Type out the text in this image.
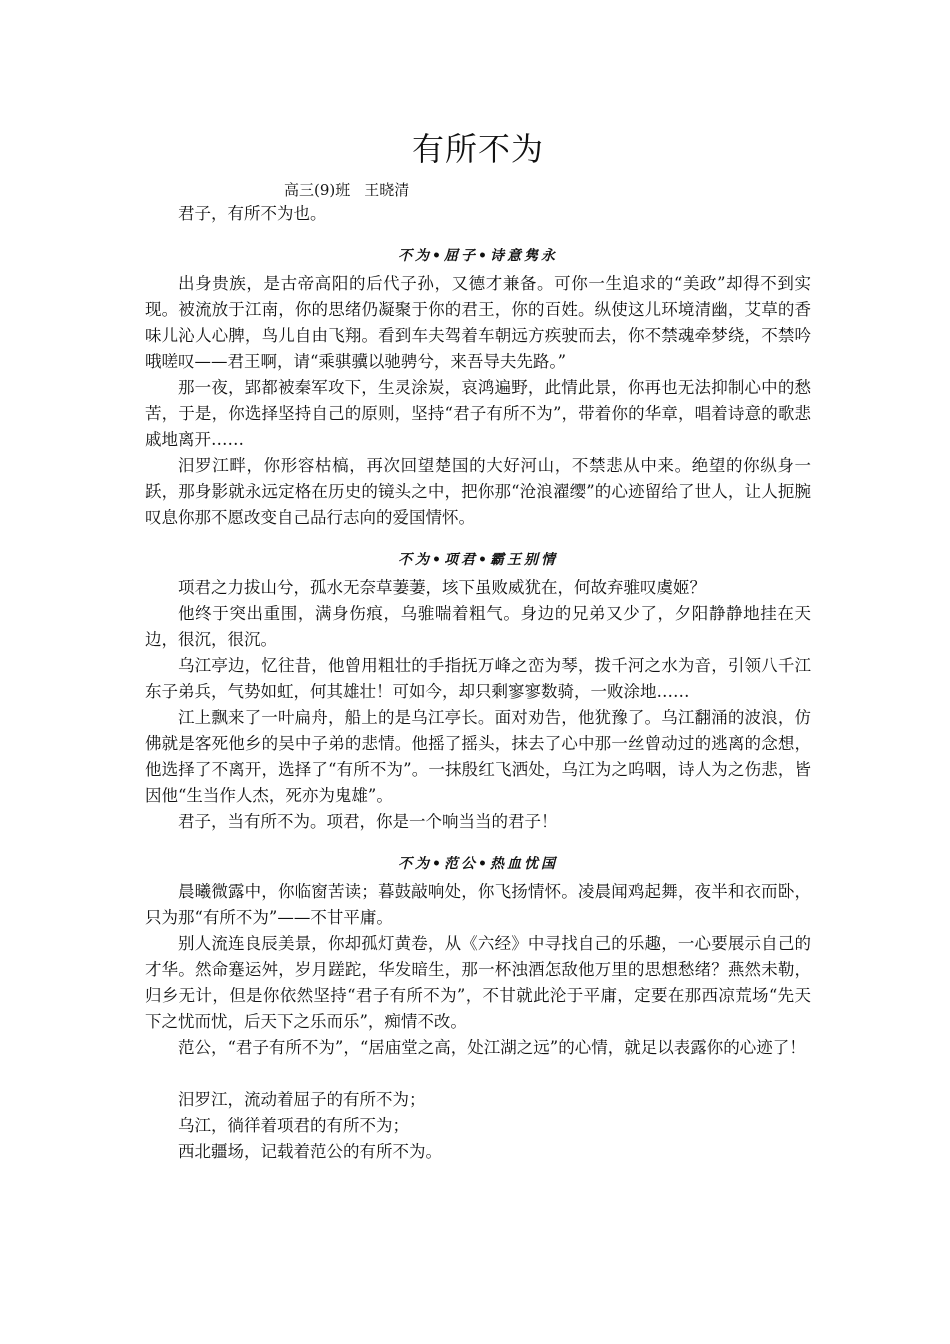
有所不为
高三(9)班 王晓清

君子，有所不为也。

不为•屈子•诗意隽永

出身贵族，是古帝高阳的后代子孙，又德才兼备。可你一生追求的“美政”却得不到实现。被流放于江南，你的思绪仍凝聚于你的君王，你的百姓。纵使这儿环境清幽，艾草的香味儿沁人心脾，鸟儿自由飞翔。看到车夫驾着车朝远方疾驶而去，你不禁魂牵梦绕，不禁吟哦嗟叹——君王啊，请“乘骐骥以驰骋兮，来吾导夫先路。”

那一夜，郢都被秦军攻下，生灵涂炭，哀鸿遍野，此情此景，你再也无法抑制心中的愁苦，于是，你选择坚持自己的原则，坚持“君子有所不为”，带着你的华章，唱着诗意的歌悲戚地离开……

汨罗江畔，你形容枯槁，再次回望楚国的大好河山，不禁悲从中来。绝望的你纵身一跃，那身影就永远定格在历史的镜头之中，把你那“沧浪濯缨”的心迹留给了世人，让人扼腕叹息你那不愿改变自己品行志向的爱国情怀。

不为•项君•霸王别情

项君之力拔山兮，孤水无奈草萋萋，垓下虽败威犹在，何故弃骓叹虞姬？

他终于突出重围，满身伤痕，乌骓喘着粗气。身边的兄弟又少了，夕阳静静地挂在天边，很沉，很沉。

乌江亭边，忆往昔，他曾用粗壮的手指抚万峰之峦为琴，拨千河之水为音，引领八千江东子弟兵，气势如虹，何其雄壮！可如今，却只剩寥寥数骑，一败涂地……

江上飘来了一叶扁舟，船上的是乌江亭长。面对劝告，他犹豫了。乌江翻涌的波浪，仿佛就是客死他乡的吴中子弟的悲情。他摇了摇头，抹去了心中那一丝曾动过的逃离的念想，他选择了不离开，选择了“有所不为”。一抹殷红飞洒处，乌江为之呜咽，诗人为之伤悲，皆因他“生当作人杰，死亦为鬼雄”。

君子，当有所不为。项君，你是一个响当当的君子！

不为•范公•热血忧国

晨曦微露中，你临窗苦读；暮鼓敲响处，你飞扬情怀。凌晨闻鸡起舞，夜半和衣而卧，只为那“有所不为”——不甘平庸。

别人流连良辰美景，你却孤灯黄卷，从《六经》中寻找自己的乐趣，一心要展示自己的才华。然命蹇运舛，岁月蹉跎，华发暗生，那一杯浊酒怎敌他万里的思想愁绪？燕然未勒，归乡无计，但是你依然坚持“君子有所不为”，不甘就此沦于平庸，定要在那西凉荒场“先天下之忧而忧，后天下之乐而乐”，痴情不改。

范公，“君子有所不为”，“居庙堂之高，处江湖之远”的心情，就足以表露你的心迹了！

汨罗江，流动着屈子的有所不为；

乌江，徜徉着项君的有所不为；

西北疆场，记载着范公的有所不为。
